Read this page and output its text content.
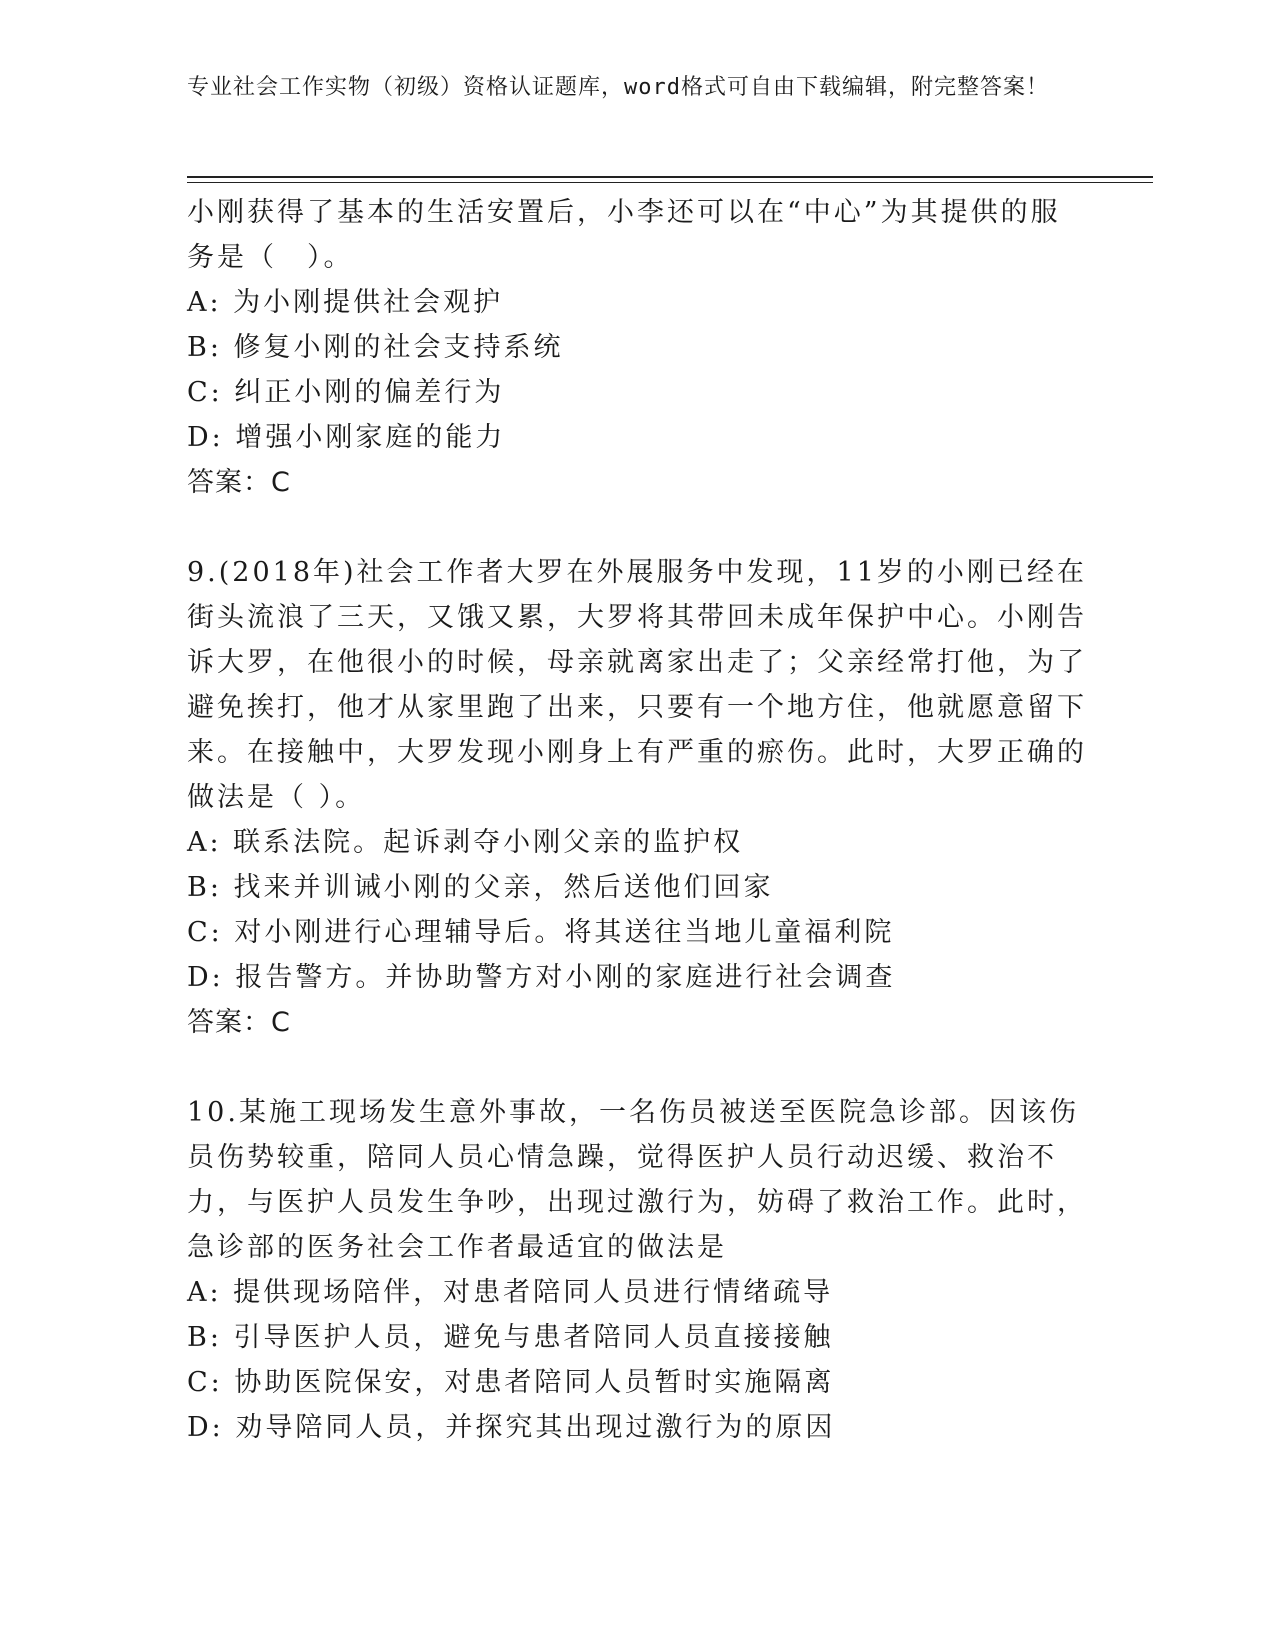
专业社会工作实物（初级）资格认证题库，word格式可自由下载编辑，附完整答案！
小刚获得了基本的生活安置后，小李还可以在“中心”为其提供的服务是（　）。
A: 为小刚提供社会观护
B: 修复小刚的社会支持系统
C: 纠正小刚的偏差行为
D: 增强小刚家庭的能力
答案：C
9.(2018年)社会工作者大罗在外展服务中发现，11岁的小刚已经在街头流浪了三天，又饿又累，大罗将其带回未成年保护中心。小刚告诉大罗，在他很小的时候，母亲就离家出走了；父亲经常打他，为了避免挨打，他才从家里跑了出来，只要有一个地方住，他就愿意留下来。在接触中，大罗发现小刚身上有严重的瘀伤。此时，大罗正确的做法是（ ）。
A: 联系法院。起诉剥夺小刚父亲的监护权
B: 找来并训诫小刚的父亲，然后送他们回家
C: 对小刚进行心理辅导后。将其送往当地儿童福利院
D: 报告警方。并协助警方对小刚的家庭进行社会调查
答案：C
10.某施工现场发生意外事故，一名伤员被送至医院急诊部。因该伤员伤势较重，陪同人员心情急躁，觉得医护人员行动迟缓、救治不力，与医护人员发生争吵，出现过激行为，妨碍了救治工作。此时，急诊部的医务社会工作者最适宜的做法是
A: 提供现场陪伴，对患者陪同人员进行情绪疏导
B: 引导医护人员，避免与患者陪同人员直接接触
C: 协助医院保安，对患者陪同人员暂时实施隔离
D: 劝导陪同人员，并探究其出现过激行为的原因
